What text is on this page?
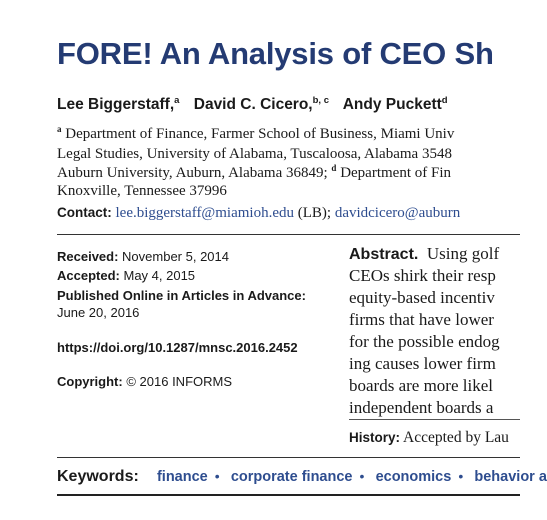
FORE! An Analysis of CEO Sh
Lee Biggerstaff,$^a$ David C. Cicero,$^{b, c}$ Andy Puckett$^d$
$^a$ Department of Finance, Farmer School of Business, Miami Univ
Legal Studies, University of Alabama, Tuscaloosa, Alabama 3548
Auburn University, Auburn, Alabama 36849; $^d$ Department of Fin
Knoxville, Tennessee 37996
Contact: lee.biggerstaff@miamioh.edu (LB); davidcicero@auburn
Received: November 5, 2014
Accepted: May 4, 2015
Published Online in Articles in Advance:
June 20, 2016
https://doi.org/10.1287/mnsc.2016.2452
Copyright: © 2016 INFORMS
Abstract. Using golf
CEOs shirk their resp
equity-based incentiv
firms that have lower
for the possible endog
ing causes lower firm
boards are more likel
independent boards a
History: Accepted by Lau
Keywords: finance • corporate finance • economics • behavior a
